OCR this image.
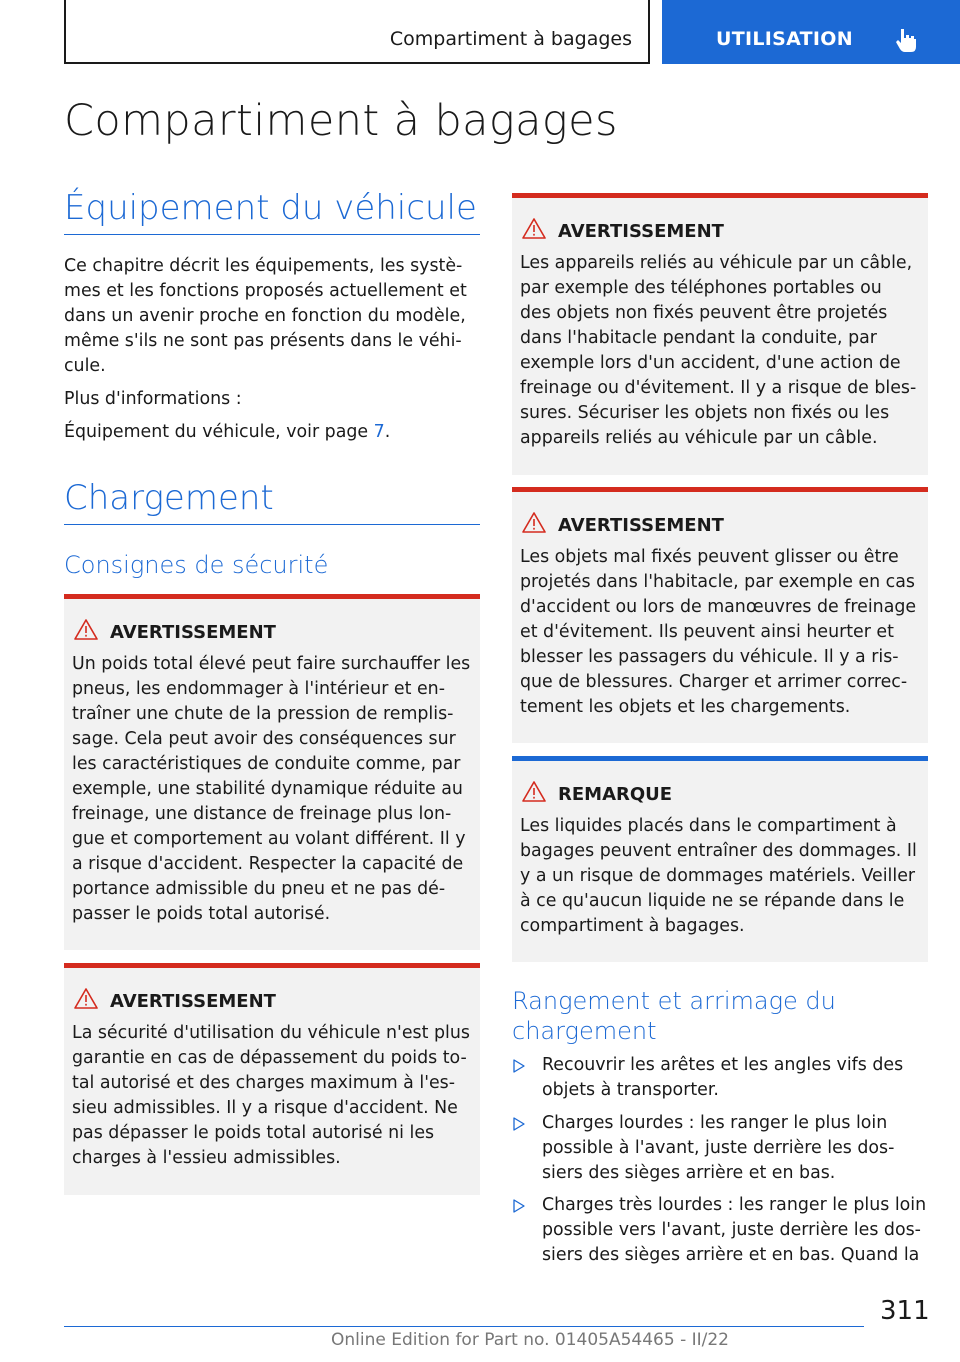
Compartiment à bagages	UTILISATION
Compartiment à bagages
Équipement du véhicule
Ce chapitre décrit les équipements, les systè-
mes et les fonctions proposés actuellement et
dans un avenir proche en fonction du modèle,
même s'ils ne sont pas présents dans le véhi-
cule.
Plus d'informations :
Équipement du véhicule, voir page 7.
Chargement
Consignes de sécurité
AVERTISSEMENT
Un poids total élevé peut faire surchauffer les
pneus, les endommager à l'intérieur et en-
traîner une chute de la pression de remplis-
sage. Cela peut avoir des conséquences sur
les caractéristiques de conduite comme, par
exemple, une stabilité dynamique réduite au
freinage, une distance de freinage plus lon-
gue et comportement au volant différent. Il y
a risque d'accident. Respecter la capacité de
portance admissible du pneu et ne pas dé-
passer le poids total autorisé.
AVERTISSEMENT
La sécurité d'utilisation du véhicule n'est plus
garantie en cas de dépassement du poids to-
tal autorisé et des charges maximum à l'es-
sieu admissibles. Il y a risque d'accident. Ne
pas dépasser le poids total autorisé ni les
charges à l'essieu admissibles.
AVERTISSEMENT
Les appareils reliés au véhicule par un câble,
par exemple des téléphones portables ou
des objets non fixés peuvent être projetés
dans l'habitacle pendant la conduite, par
exemple lors d'un accident, d'une action de
freinage ou d'évitement. Il y a risque de bles-
sures. Sécuriser les objets non fixés ou les
appareils reliés au véhicule par un câble.
AVERTISSEMENT
Les objets mal fixés peuvent glisser ou être
projetés dans l'habitacle, par exemple en cas
d'accident ou lors de manœuvres de freinage
et d'évitement. Ils peuvent ainsi heurter et
blesser les passagers du véhicule. Il y a ris-
que de blessures. Charger et arrimer correc-
tement les objets et les chargements.
REMARQUE
Les liquides placés dans le compartiment à
bagages peuvent entraîner des dommages. Il
y a un risque de dommages matériels. Veiller
à ce qu'aucun liquide ne se répande dans le
compartiment à bagages.
Rangement et arrimage du
chargement
Recouvrir les arêtes et les angles vifs des
objets à transporter.
Charges lourdes : les ranger le plus loin
possible à l'avant, juste derrière les dos-
siers des sièges arrière et en bas.
Charges très lourdes : les ranger le plus loin
possible vers l'avant, juste derrière les dos-
siers des sièges arrière et en bas. Quand la
311
Online Edition for Part no. 01405A54465 - II/22
